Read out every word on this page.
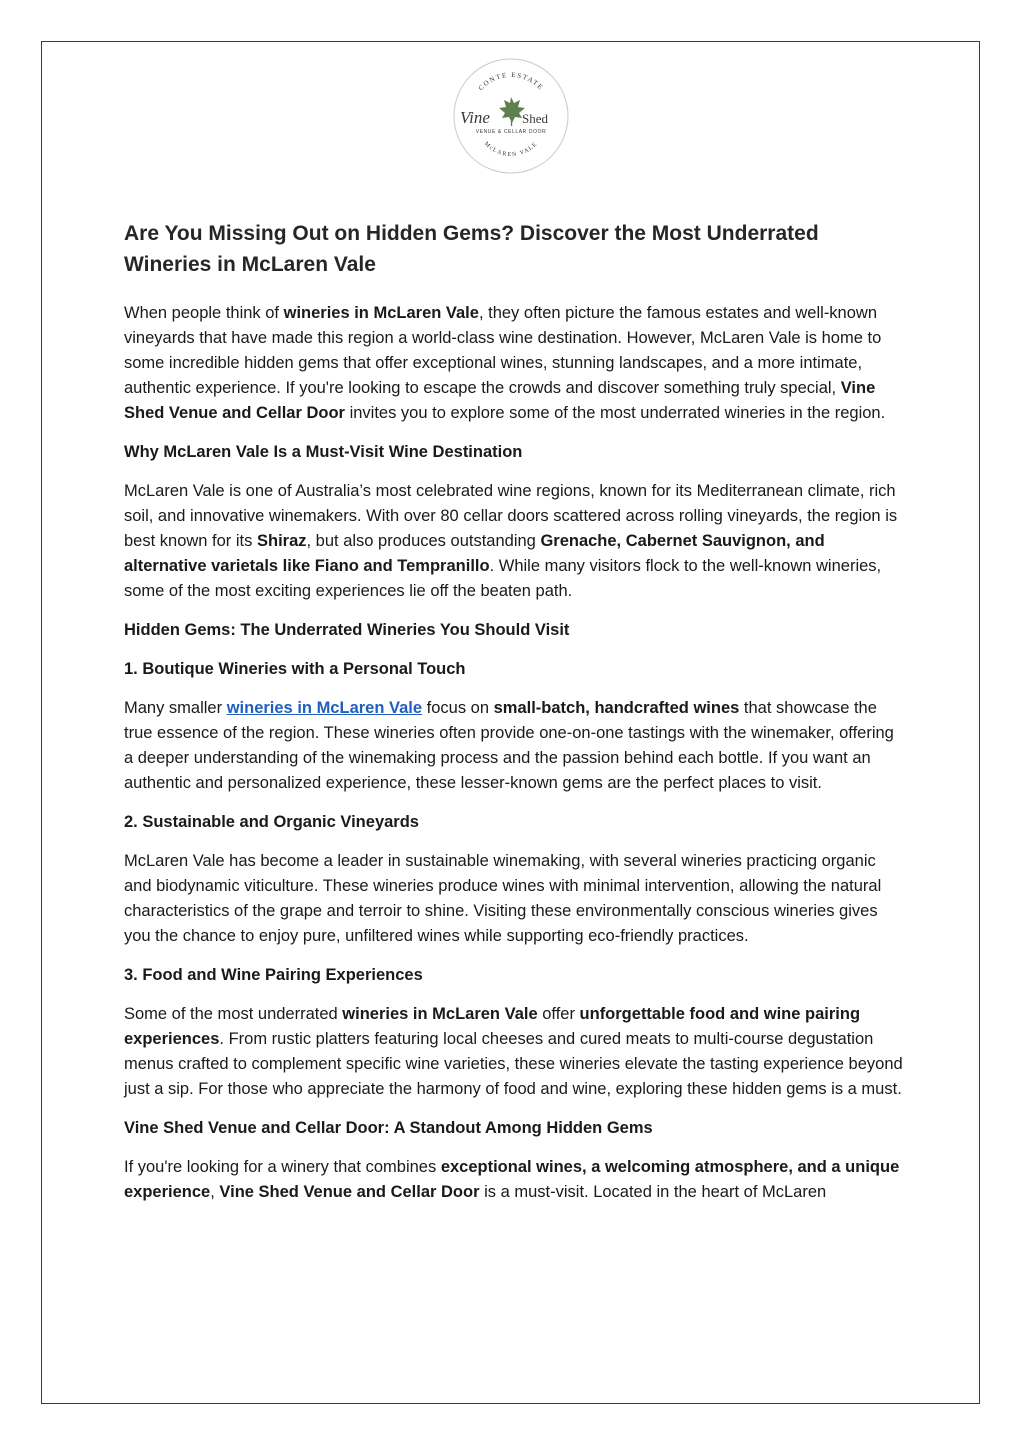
CONTE ESTATE
Vine Shed
VENUE & CELLAR DOOR
McLAREN VALE
Are You Missing Out on Hidden Gems? Discover the Most Underrated Wineries in McLaren Vale

When people think of wineries in McLaren Vale, they often picture the famous estates and well-known vineyards that have made this region a world-class wine destination. However, McLaren Vale is home to some incredible hidden gems that offer exceptional wines, stunning landscapes, and a more intimate, authentic experience. If you're looking to escape the crowds and discover something truly special, Vine Shed Venue and Cellar Door invites you to explore some of the most underrated wineries in the region.

Why McLaren Vale Is a Must-Visit Wine Destination

McLaren Vale is one of Australia’s most celebrated wine regions, known for its Mediterranean climate, rich soil, and innovative winemakers. With over 80 cellar doors scattered across rolling vineyards, the region is best known for its Shiraz, but also produces outstanding Grenache, Cabernet Sauvignon, and alternative varietals like Fiano and Tempranillo. While many visitors flock to the well-known wineries, some of the most exciting experiences lie off the beaten path.

Hidden Gems: The Underrated Wineries You Should Visit
1. Boutique Wineries with a Personal Touch

Many smaller wineries in McLaren Vale focus on small-batch, handcrafted wines that showcase the true essence of the region. These wineries often provide one-on-one tastings with the winemaker, offering a deeper understanding of the winemaking process and the passion behind each bottle. If you want an authentic and personalized experience, these lesser-known gems are the perfect places to visit.

2. Sustainable and Organic Vineyards

McLaren Vale has become a leader in sustainable winemaking, with several wineries practicing organic and biodynamic viticulture. These wineries produce wines with minimal intervention, allowing the natural characteristics of the grape and terroir to shine. Visiting these environmentally conscious wineries gives you the chance to enjoy pure, unfiltered wines while supporting eco-friendly practices.

3. Food and Wine Pairing Experiences

Some of the most underrated wineries in McLaren Vale offer unforgettable food and wine pairing experiences. From rustic platters featuring local cheeses and cured meats to multi-course degustation menus crafted to complement specific wine varieties, these wineries elevate the tasting experience beyond just a sip. For those who appreciate the harmony of food and wine, exploring these hidden gems is a must.

Vine Shed Venue and Cellar Door: A Standout Among Hidden Gems

If you're looking for a winery that combines exceptional wines, a welcoming atmosphere, and a unique experience, Vine Shed Venue and Cellar Door is a must-visit. Located in the heart of McLaren
